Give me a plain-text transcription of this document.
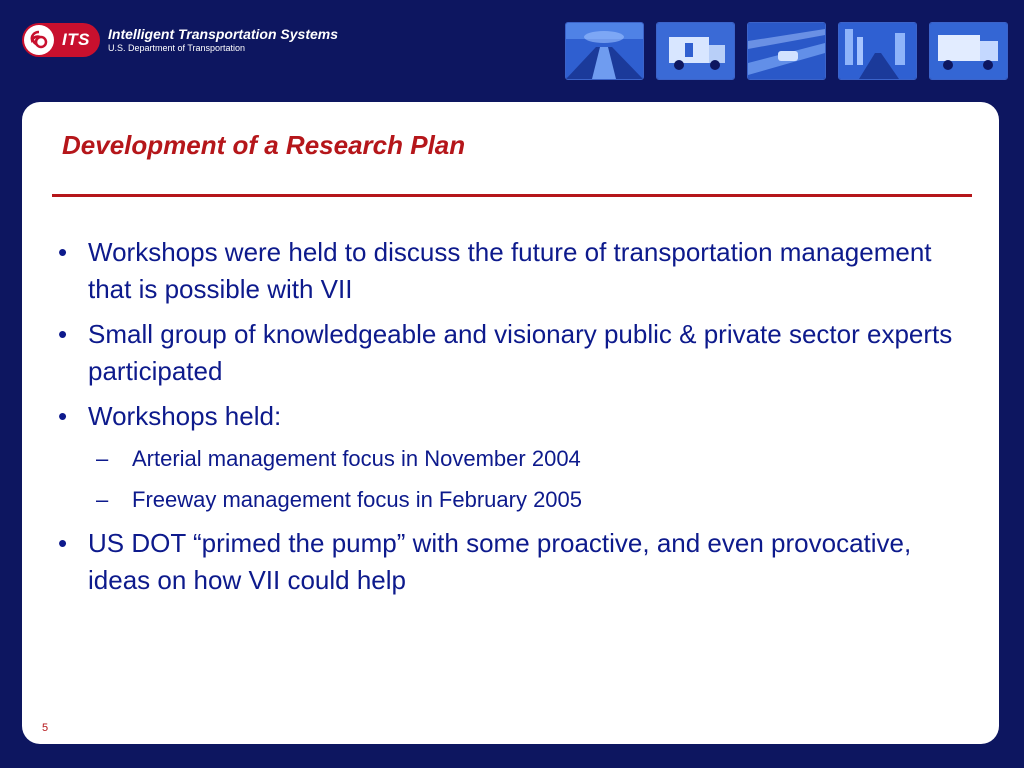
ITS Intelligent Transportation Systems
U.S. Department of Transportation
Development of a Research Plan
• Workshops were held to discuss the future of transportation management that is possible with VII
• Small group of knowledgeable and visionary public & private sector experts participated
• Workshops held:
–	Arterial management focus in November 2004
–	Freeway management focus in February 2005
• US DOT “primed the pump” with some proactive, and even provocative, ideas on how VII could help
5
